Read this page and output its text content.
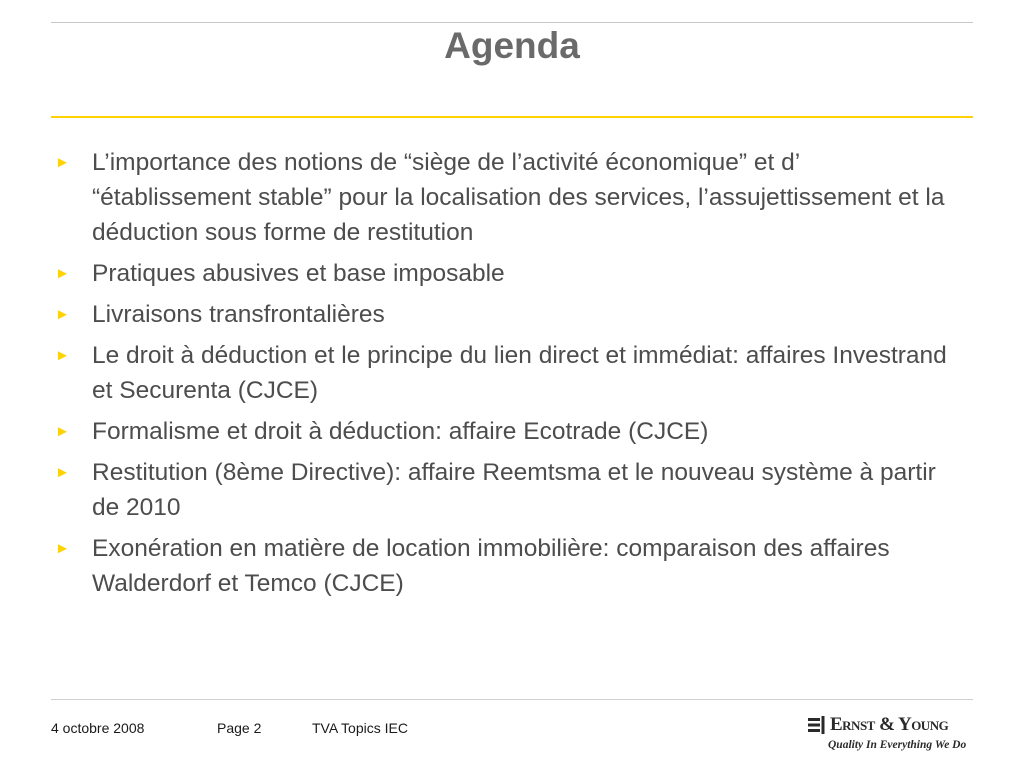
Agenda
► L’importance des notions de “siège de l’activité économique” et d’ “établissement stable” pour la localisation des services, l’assujettissement et la déduction sous forme de restitution
► Pratiques abusives et base imposable
► Livraisons transfrontalières
► Le droit à déduction et le principe du lien direct et immédiat: affaires Investrand et Securenta (CJCE)
► Formalisme et droit à déduction: affaire Ecotrade (CJCE)
► Restitution (8ème Directive): affaire Reemtsma et le nouveau système à partir de 2010
► Exonération en matière de location immobilière: comparaison des affaires Walderdorf et Temco (CJCE)
4 octobre 2008	Page 2	TVA Topics IEC	Ernst & Young
Quality In Everything We Do
